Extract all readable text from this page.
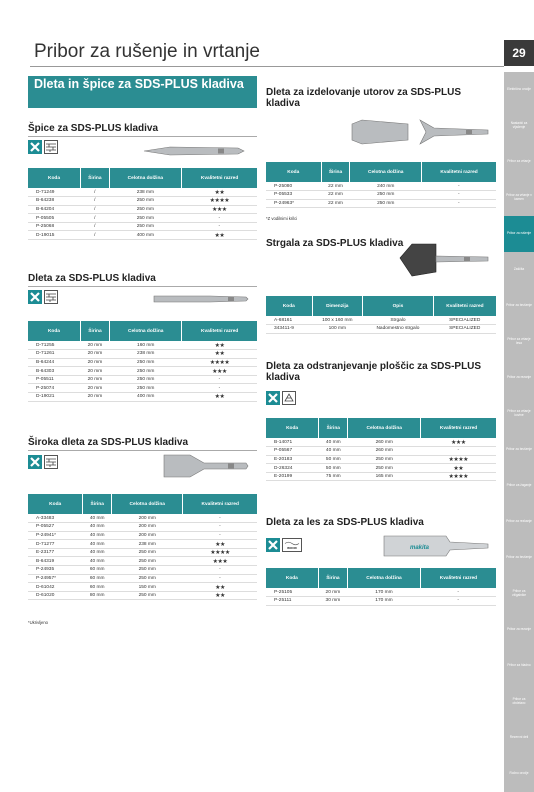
Pribor za rušenje in vrtanje	29
Električno orodje
Nastavki za vijačenje
Pribor za vrtanje
Pribor za vrtanje v kamen
Pribor za rušenje
Zaščita
Pribor za brušenje
Pribor za vrtanje lesa
Pribor za rezanje
Pribor za vrtanje kovine
Pribor za brušenje
Pribor za žaganje
Pribor za rezkanje
Pribor za brušenje
Pribor za vžigalnike
Pribor za rezanje
Pribor za hladno
Pribor za obdelavo
Rezervni deli
Ročno orodje
Dleta in špice za SDS-PLUS kladiva
Špice za SDS-PLUS kladiva
Koda	Širina	Celotna dolžina	Kvalitetni razred
D-71249	/	238 mm	★★
B-64238	/	250 mm	★★★★
B-64204	/	250 mm	★★★
P-05505	/	250 mm	-
P-25068	/	250 mm	-
D-19015	/	400 mm	★★
Dleta za SDS-PLUS kladiva
Koda	Širina	Celotna dolžina	Kvalitetni razred
D-71255	20 mm	160 mm	★★
D-71261	20 mm	238 mm	★★
B-64244	20 mm	250 mm	★★★★
B-64303	20 mm	250 mm	★★★
P-05511	20 mm	250 mm	-
P-25074	20 mm	250 mm	-
D-19021	20 mm	400 mm	★★
Široka dleta za SDS-PLUS kladiva
Koda	Širina	Celotna dolžina	Kvalitetni razred
A-33483	40 mm	200 mm	-
P-05527	40 mm	200 mm	-
P-24941*	40 mm	200 mm	-
D-71277	40 mm	238 mm	★★
E-23177	40 mm	250 mm	★★★★
B-64319	40 mm	250 mm	★★★
P-24935	60 mm	250 mm	-
P-24957*	60 mm	250 mm	-
D-61042	60 mm	150 mm	★★
D-61020	80 mm	250 mm	★★
*Ukrivljeno
Dleta za izdelovanje utorov za SDS-PLUS kladiva
Koda	Širina	Celotna dolžina	Kvalitetni razred
P-25080	22 mm	240 mm	-
P-05533	22 mm	250 mm	-
P-24963*	22 mm	250 mm	-
*Z vodilnimi krilci
Strgala za SDS-PLUS kladiva
Koda	Dimenzija	Opis	Kvalitetni razred
A-68161	100 x 160 mm	Strgalo	SPECIALIZED
343411-9	100 mm	Nadomestno strgalo	SPECIALIZED
Dleta za odstranjevanje ploščic za SDS-PLUS kladiva
Koda	Širina	Celotna dolžina	Kvalitetni razred
B-14071	40 mm	260 mm	★★★
P-05567	40 mm	260 mm	-
E-20183	50 mm	250 mm	★★★★
D-26324	50 mm	250 mm	★★
E-20199	75 mm	165 mm	★★★★
Dleta za les za SDS-PLUS kladiva
WOOD	makita
Koda	Širina	Celotna dolžina	Kvalitetni razred
P-25105	20 mm	170 mm	-
P-25111	30 mm	170 mm	-
